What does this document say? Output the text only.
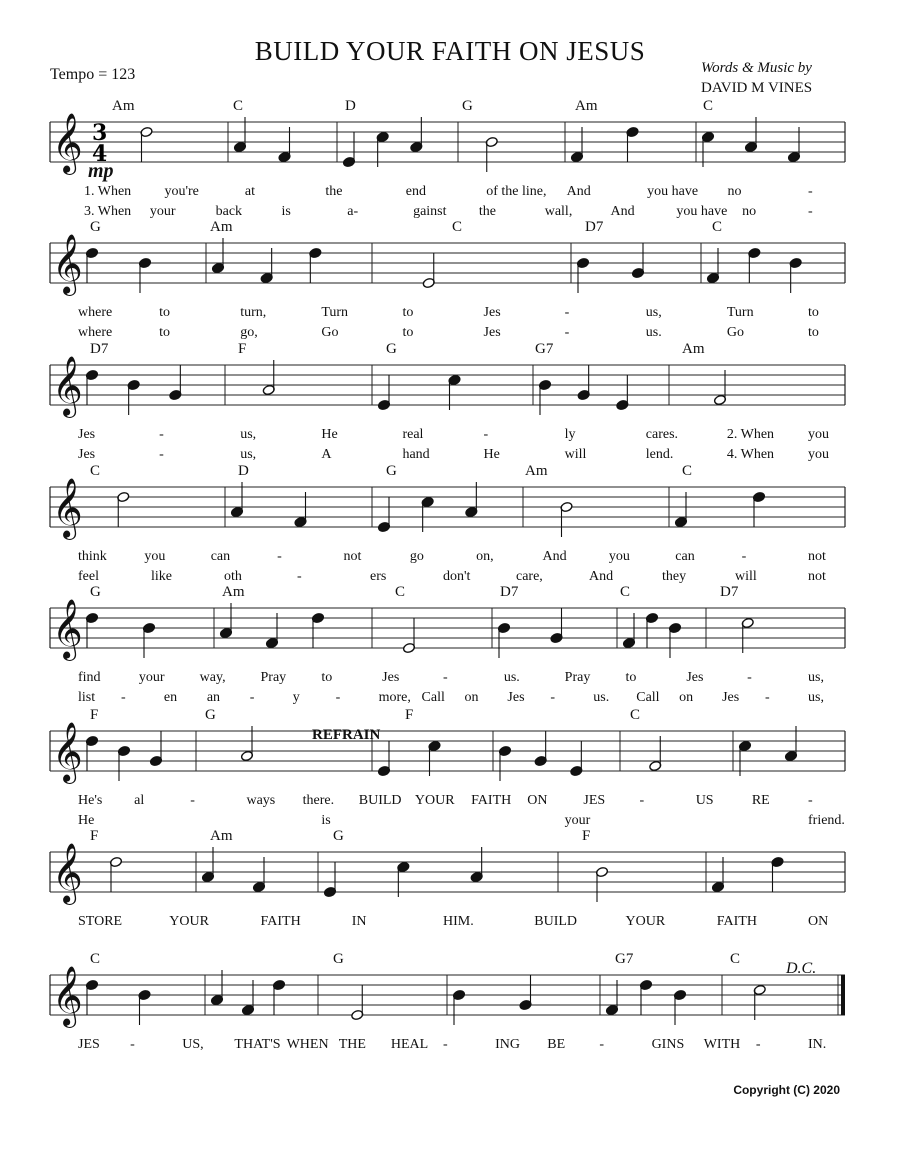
BUILD YOUR FAITH ON JESUS
Tempo = 123	Words & Music by
DAVID M VINES
Copyright (C) 2020
𝄞
𝄞
𝄞
𝄞
𝄞
𝄞
𝄞
𝄞
3
4
mp
REFRAIN
D.C.
Am	C	D	G	Am	C
1. When you're	at	the	end	of the line, And	you have no	-
3. When your	back	is	a-	gainst the	wall,	And	you have no	-
G	Am	C	D7	C
where	to	turn,	Turn	to	Jes	-	us,	Turn	to
where	to	go,	Go	to	Jes	-	us.	Go	to
D7	F	G	G7	Am
Jes	-	us,	He	real	-	ly	cares.	2. When you
Jes	-	us,	A	hand	He	will	lend.	4. When you
C	D	G	Am	C
think	you	can	-	not	go	on,	And	you	can	-	not
feel	like	oth	-	ers	don't	care,	And	they	will	not
G	Am	C	D7	C	D7
find	your	way, Pray	to	Jes	-	us.	Pray	to	Jes	-	us,
list -	en an -	y	-	more, Call on Jes -	us. Call on Jes -	us,
F	G	F	C
He's al	-	ways there. BUILD YOUR FAITH ON	JES -	US	RE	-
He	is	your	friend.
F	Am	G	F
STORE	YOUR	FAITH	IN	HIM.	BUILD	YOUR	FAITH	ON
C	G	G7	C
JES -	US, THAT'S WHEN THE HEAL -	ING BE -	GINS WITH -	IN.
